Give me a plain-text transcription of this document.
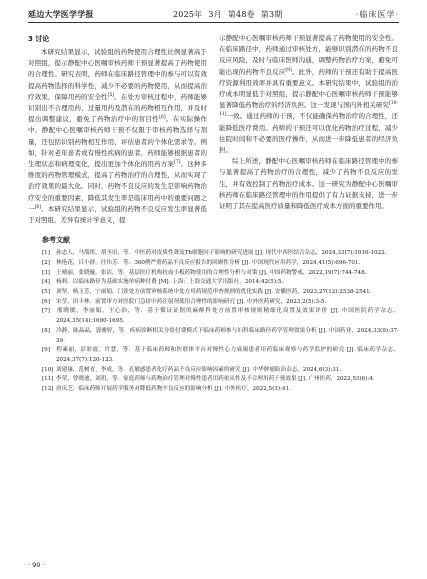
延边大学医学学报	2025年 3月 第48卷 第3期	·临床医学·
3 讨论

本研究结果显示，试验组的药物使用合理性比例显著高于对照组，提示静配中心医嘱审核药师干预显著提高了药物使用的合理性。研究表明，药师在临床路径管理中的参与可以有效提高药物选择的科学性，减少不必要的药物使用，从而提高治疗效果，保障用药的安全性[5]。在处方审核过程中，药师能够识别出不合理用药、过量用药及潜在的药物相互作用，并及时提出调整建议，避免了药物治疗中的盲目性[6]。在实际操作中，静配中心医嘱审核药师干预不仅限于审核药物选择与剂量，还包括识别药物相互作用，评估患者的个体化需求等。例如，针对老年患者或有慢性疾病的患者，药师能够根据患者的生理状态和病理变化，提出更加个体化的用药方案[7]。这种多维度的药物管理模式，提高了药物治疗的合理性，从而实现了治疗效果的最大化。同时，药物不良反应的发生是影响药物治疗安全的重要因素，降低其发生率是临床用药中的重要问题之一[8]。本研究结果显示，试验组的药物不良反应发生率显著低于对照组，差异有统计学意义，提

示静配中心医嘱审核药师干预显著提高了药物使用的安全性。在临床路径中，药师通过审核处方，能够识别潜在的药物不良反应风险，及时与临床医师沟通，调整药物治疗方案，避免可能出现的药物不良反应[9]。此外，药师的干预还有助于提高医疗资源利用效率并具有重要意义。本研究结果中，试验组的治疗成本明显低于对照组，提示静配中心医嘱审核药师干预能够显著降低药物治疗的经济负担。这一发现与国内外相关研究[10-11]一致。通过药师的干预，不仅能确保药物治疗的合理性，还能降低医疗费用。药师的干预还可以优化药物治疗过程，减少住院时间和不必要的医疗操作，从而进一步降低患者的经济负担。

综上所述，静配中心医嘱审核药师在临床路径管理中的参与显著提高了药物治疗的合理性，减少了药物不良反应的发生，并有效控制了药物治疗成本。这一研究为静配中心医嘱审核药师在临床路径管理中的作用提供了有力证据支持，进一步证明了其在提高医疗质量和降低医疗成本方面的重要作用。

参考文献
[1] 孙忠人，马端彤，胡丞田，等．中医药对皮质性聋及Th细胞因子影响的研究进展 [J]. 现代中西医结合杂志，2024,33(7):1016-1022.
[2] 林艳花，吕小群，任伟芳．等．360例严重药品不良反应报告的回顾性分析 [J]. 中国现代应用药学，2024,41(5):696-701.
[3] 王晴丽，张晓璇，张洁，等．基层医疗机构抗血小板药物使用的合理性分析与对策 [J]. 中国药物警戒，2022,19(7):744-748.
[4] 杨莉．以临床路径为基础实施单病种付费 [M]. 上海：上海交通大学出版社，2014:42(5):5.
[5] 刘坚，杨玉芳，宁丽娟．门诊处方前置审核系统中处方用药规范审查规则的优化实践 [J]. 安徽医药，2023,27(12):2538-2541.
[6] 宋莹，田丰林．前置审方对医院门急诊中药注射剂使用合理性的影响研究 [J]. 中外医药研究，2023,2(5):3-5.
[7] 邢晓敏，李丽娟，王心治，等．基于循证证据的麻醉科处方前置审核规则精细化设置及效果评价 [J]. 中国医院药学杂志，2024,35(14):1690-1695.
[8] 冷静，陈晶晶，郭雅婷，等．疾病诊断相关分组付费模式下临床药师参与妇科临床路径药学管理效果分析 [J]. 中国药业，2024,33(9):37-39.
[9] 程素丽，彭彩霞，许慧，等．基于临床药师和医联体平台对慢性心力衰竭患者用药临床观察与药学监护的研究 [J]. 临床药学杂志，2024,37(7):120-123.
[10] 刘建康，范树青，李成，等．孔敏感患者化疗药品不良反应影响因素的研究 [J]. 中华肿瘤防治杂志，2024,6(3):31.
[11] 李荣，曾晓迪，刘玥，等．家庭药师与药物治疗管理对慢性患者用药依从性及不合理用药干预效果 [J]. 广州医药，2022,53(6):4.
[12] 唐庆芝．临床药师开展药学服务对降低药物不良反应的影响分析 [J]. 中外医疗，2022,5(3):41.
· 90 ·
